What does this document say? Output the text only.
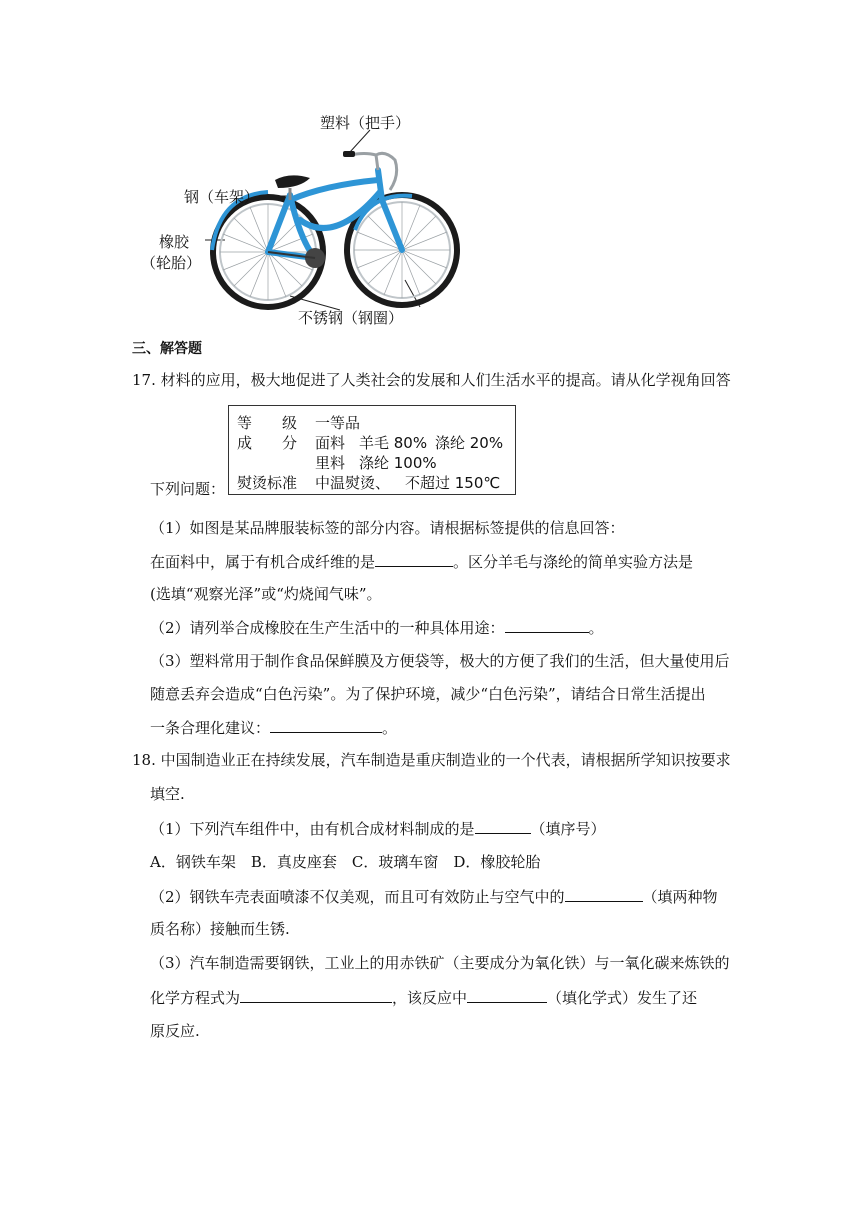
塑料（把手）
钢（车架）
橡胶
（轮胎）
不锈钢（钢圈）
三、解答题
17. 材料的应用，极大地促进了人类社会的发展和人们生活水平的提高。请从化学视角回答
等　　级 一等品
成　　分 面料 羊毛 80% 涤纶 20%
里料 涤纶 100%
熨烫标准 中温熨烫、 不超过 150℃
下列问题：
（1）如图是某品牌服装标签的部分内容。请根据标签提供的信息回答：
在面料中，属于有机合成纤维的是	。区分羊毛与涤纶的简单实验方法是
(选填“观察光泽”或“灼烧闻气味”。
（2）请列举合成橡胶在生产生活中的一种具体用途：	。
（3）塑料常用于制作食品保鲜膜及方便袋等，极大的方便了我们的生活，但大量使用后
随意丢弃会造成“白色污染”。为了保护环境，减少“白色污染”，请结合日常生活提出
一条合理化建议：	。
18. 中国制造业正在持续发展，汽车制造是重庆制造业的一个代表，请根据所学知识按要求
填空.
（1）下列汽车组件中，由有机合成材料制成的是	（填序号）
A．钢铁车架　B．真皮座套　C．玻璃车窗　D．橡胶轮胎
（2）钢铁车壳表面喷漆不仅美观，而且可有效防止与空气中的	（填两种物
质名称）接触而生锈.
（3）汽车制造需要钢铁，工业上的用赤铁矿（主要成分为氧化铁）与一氧化碳来炼铁的
化学方程式为	，该反应中	（填化学式）发生了还
原反应.
